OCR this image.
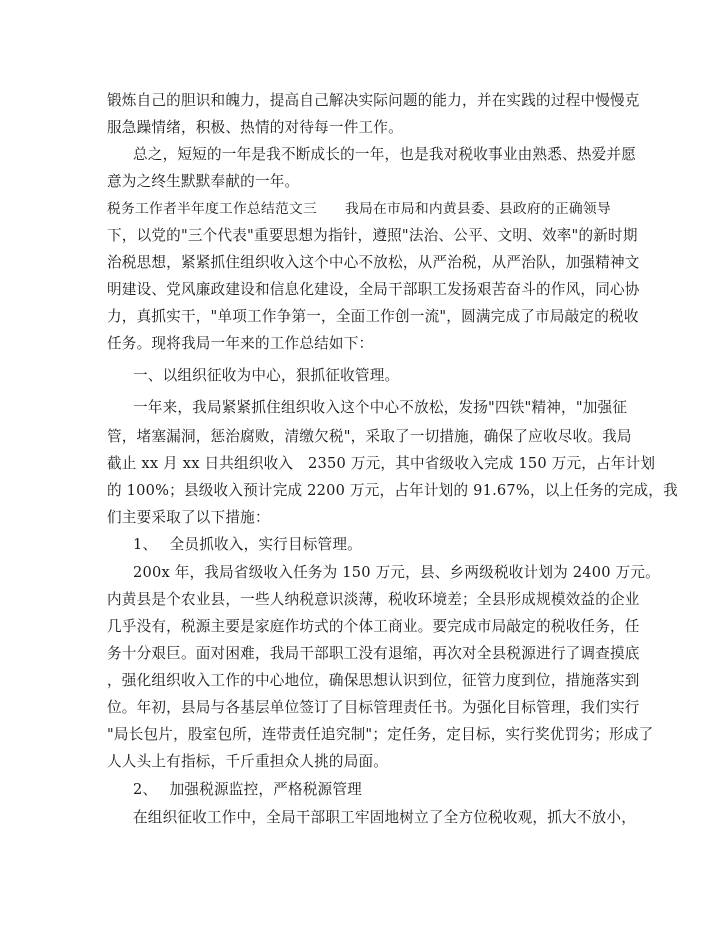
锻炼自己的胆识和魄力，提高自己解决实际问题的能力，并在实践的过程中慢慢克
服急躁情绪，积极、热情的对待每一件工作。
总之，短短的一年是我不断成长的一年，也是我对税收事业由熟悉、热爱并愿
意为之终生默默奉献的一年。
税务工作者半年度工作总结范文三　　我局在市局和内黄县委、县政府的正确领导
下，以党的"三个代表"重要思想为指针，遵照"法治、公平、文明、效率"的新时期
治税思想，紧紧抓住组织收入这个中心不放松，从严治税，从严治队，加强精神文
明建设、党风廉政建设和信息化建设，全局干部职工发扬艰苦奋斗的作风，同心协
力，真抓实干，"单项工作争第一，全面工作创一流"，圆满完成了市局敲定的税收
任务。现将我局一年来的工作总结如下：
一、以组织征收为中心，狠抓征收管理。
一年来，我局紧紧抓住组织收入这个中心不放松，发扬"四铁"精神，"加强征
管，堵塞漏洞，惩治腐败，清缴欠税"，采取了一切措施，确保了应收尽收。我局
截止 xx 月 xx 日共组织收入　2350 万元，其中省级收入完成 150 万元，占年计划
的 100%；县级收入预计完成 2200 万元，占年计划的 91.67%，以上任务的完成，我
们主要采取了以下措施：
1、　 全员抓收入，实行目标管理。
200x 年，我局省级收入任务为 150 万元，县、乡两级税收计划为 2400 万元。
内黄县是个农业县，一些人纳税意识淡薄，税收环境差；全县形成规模效益的企业
几乎没有，税源主要是家庭作坊式的个体工商业。要完成市局敲定的税收任务，任
务十分艰巨。面对困难，我局干部职工没有退缩，再次对全县税源进行了调查摸底
，强化组织收入工作的中心地位，确保思想认识到位，征管力度到位，措施落实到
位。年初，县局与各基层单位签订了目标管理责任书。为强化目标管理，我们实行
"局长包片，股室包所，连带责任追究制"；定任务，定目标，实行奖优罚劣；形成了
人人头上有指标，千斤重担众人挑的局面。
2、　 加强税源监控，严格税源管理
在组织征收工作中，全局干部职工牢固地树立了全方位税收观，抓大不放小，
